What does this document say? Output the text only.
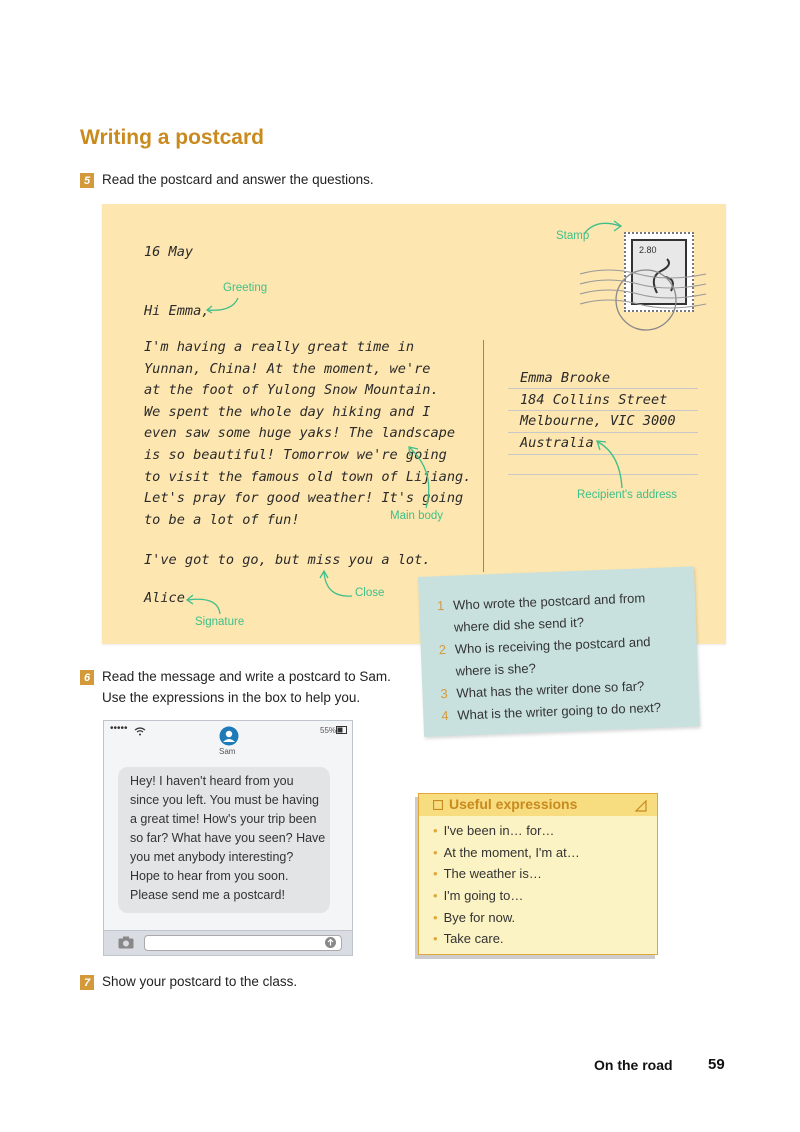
Writing a postcard
5 Read the postcard and answer the questions.
16 May
Greeting
Hi Emma,
I'm having a really great time in
Yunnan, China! At the moment, we're
at the foot of Yulong Snow Mountain.
We spent the whole day hiking and I
even saw some huge yaks! The landscape
is so beautiful! Tomorrow we're going
to visit the famous old town of Lijiang.
Let's pray for good weather! It's going
to be a lot of fun!	Main body
I've got to go, but miss you a lot.
Close
Alice
Signature
Stamp
2.80
Emma Brooke
184 Collins Street
Melbourne, VIC 3000
Australia
Recipient's address
1 Who wrote the postcard and from
where did she send it?
2 Who is receiving the postcard and
where is she?
3 What has the writer done so far?
4 What is the writer going to do next?
6 Read the message and write a postcard to Sam.
Use the expressions in the box to help you.
•••••
Sam
55%
Hey! I haven't heard from you
since you left. You must be having
a great time! How's your trip been
so far? What have you seen? Have
you met anybody interesting?
Hope to hear from you soon.
Please send me a postcard!
Useful expressions
• I've been in… for…
• At the moment, I'm at…
• The weather is…
• I'm going to…
• Bye for now.
• Take care.
7 Show your postcard to the class.
On the road 59
